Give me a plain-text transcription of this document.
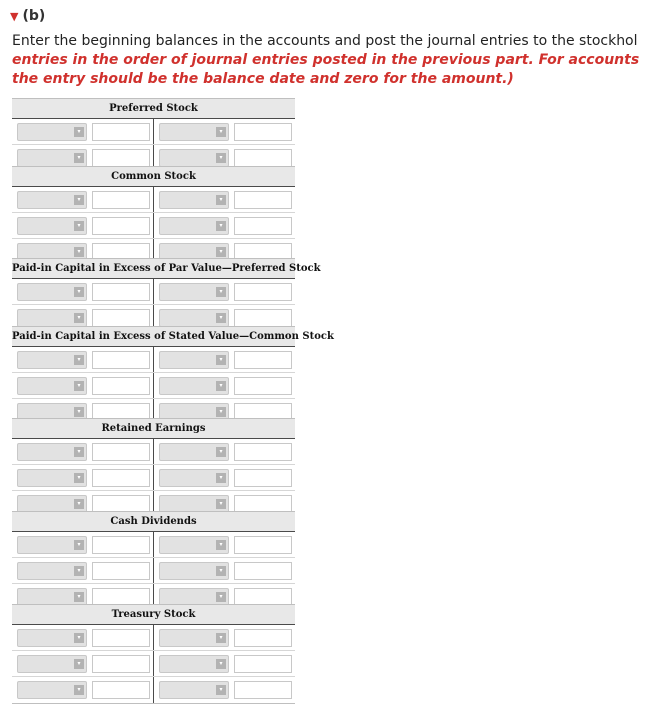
▼ (b)
Enter the beginning balances in the accounts and post the journal entries to the stockhol
entries in the order of journal entries posted in the previous part. For accounts
the entry should be the balance date and zero for the amount.)
Preferred Stock
▾	▾
▾	▾
Common Stock
▾	▾
▾	▾
▾	▾
Paid-in Capital in Excess of Par Value—Preferred Stock
▾	▾
▾	▾
Paid-in Capital in Excess of Stated Value—Common Stock
▾	▾
▾	▾
▾	▾
Retained Earnings
▾	▾
▾	▾
▾	▾
Cash Dividends
▾	▾
▾	▾
▾	▾
Treasury Stock
▾	▾
▾	▾
▾	▾
